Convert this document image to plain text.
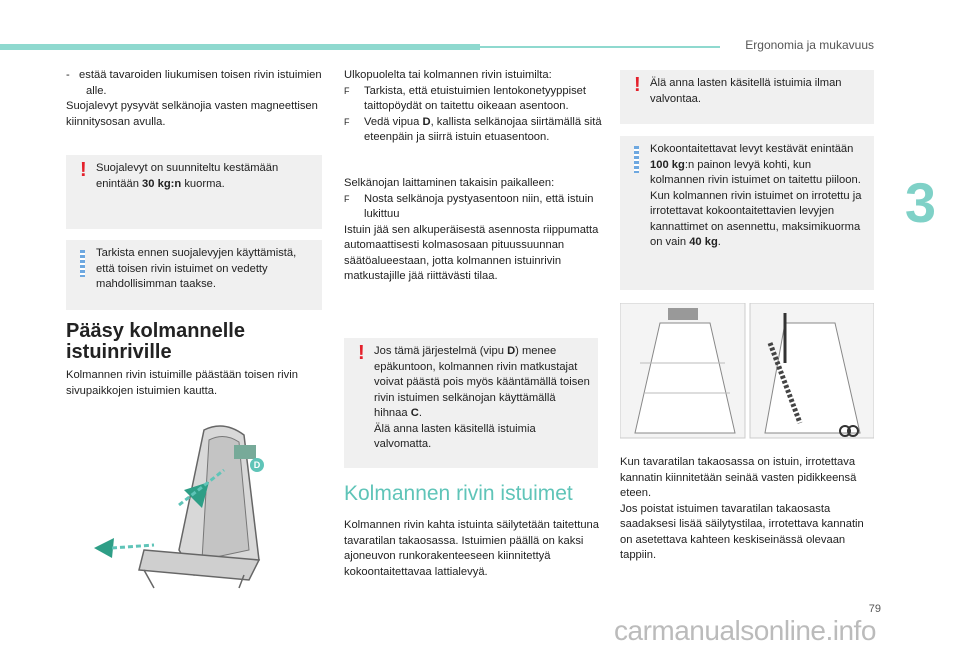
Ergonomia ja mukavuus
3

-   estää tavaroiden liukumisen toisen rivin istuimien alle.

Suojalevyt pysyvät selkänojia vasten magneettisen kiinnitysosan avulla.

! Suojalevyt on suunniteltu kestämään enintään 30 kg:n kuorma.
Tarkista ennen suojalevyjen käyttämistä, että toisen rivin istuimet on vedetty mahdollisimman taakse.
Pääsy kolmannelle
istuinriville
Kolmannen rivin istuimille päästään toisen rivin sivupaikkojen istuimien kautta.
D

Ulkopuolelta tai kolmannen rivin istuimilta:

F Tarkista, että etuistuimien lentokonetyyppiset taittopöydät on taitettu oikeaan asentoon.

F Vedä vipua D, kallista selkänojaa siirtämällä sitä eteenpäin ja siirrä istuin etuasentoon.

Selkänojan laittaminen takaisin paikalleen:

F Nosta selkänoja pystyasentoon niin, että istuin lukittuu

Istuin jää sen alkuperäisestä asennosta riippumatta automaattisesti kolmasosaan pituussuunnan säätöalueestaan, jotta kolmannen istuinrivin matkustajille jää riittävästi tilaa.

! Jos tämä järjestelmä (vipu D) menee epäkuntoon, kolmannen rivin matkustajat voivat päästä pois myös kääntämällä toisen rivin istuimen selkänojan käyttämällä hihnaa C.
Älä anna lasten käsitellä istuimia valvomatta.
Kolmannen rivin istuimet
Kolmannen rivin kahta istuinta säilytetään taitettuna tavaratilan takaosassa. Istuimien päällä on kaksi ajoneuvon runkorakenteeseen kiinnitettyä kokoontaitettavaa lattialevyä.
! Älä anna lasten käsitellä istuimia ilman valvontaa.
Kokoontaitettavat levyt kestävät enintään 100 kg:n painon levyä kohti, kun kolmannen rivin istuimet on taitettu piiloon. Kun kolmannen rivin istuimet on irrotettu ja irrotettavat kokoontaitettavien levyjen kannattimet on asennettu, maksimikuorma on vain 40 kg.
Kun tavaratilan takaosassa on istuin, irrotettava kannatin kiinnitetään seinää vasten pidikkeensä eteen.
Jos poistat istuimen tavaratilan takaosasta saadaksesi lisää säilytystilaa, irrotettava kannatin on asetettava kahteen keskiseinässä olevaan tappiin.
79
carmanualsonline.info
